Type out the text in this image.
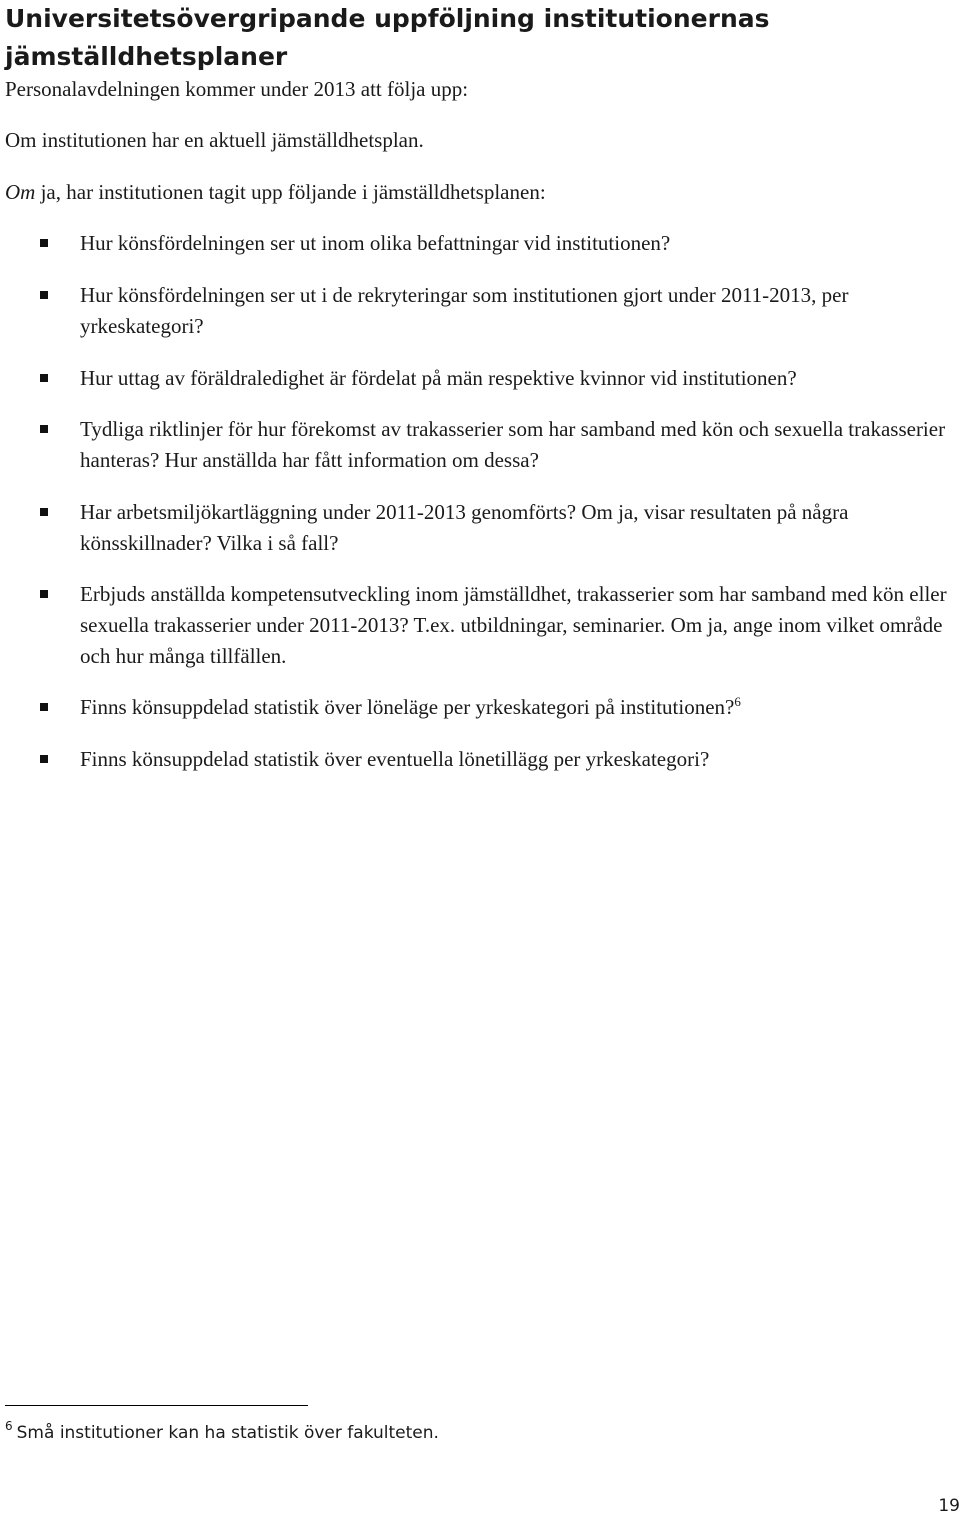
Universitetsövergripande uppföljning institutionernas jämställdhetsplaner

Personalavdelningen kommer under 2013 att följa upp:

Om institutionen har en aktuell jämställdhetsplan.

Om ja, har institutionen tagit upp följande i jämställdhetsplanen:

Hur könsfördelningen ser ut inom olika befattningar vid institutionen?

Hur könsfördelningen ser ut i de rekryteringar som institutionen gjort under 2011-2013, per yrkeskategori?

Hur uttag av föräldraledighet är fördelat på män respektive kvinnor vid institutionen?

Tydliga riktlinjer för hur förekomst av trakasserier som har samband med kön och sexuella trakasserier hanteras? Hur anställda har fått information om dessa?

Har arbetsmiljökartläggning under 2011-2013 genomförts? Om ja, visar resultaten på några könsskillnader? Vilka i så fall?

Erbjuds anställda kompetensutveckling inom jämställdhet, trakasserier som har samband med kön eller sexuella trakasserier under 2011-2013? T.ex. utbildningar, seminarier. Om ja, ange inom vilket område och hur många tillfällen.

Finns könsuppdelad statistik över löneläge per yrkeskategori på institutionen?$^6$

Finns könsuppdelad statistik över eventuella lönetillägg per yrkeskategori?

$^6$ Små institutioner kan ha statistik över fakulteten.

19
